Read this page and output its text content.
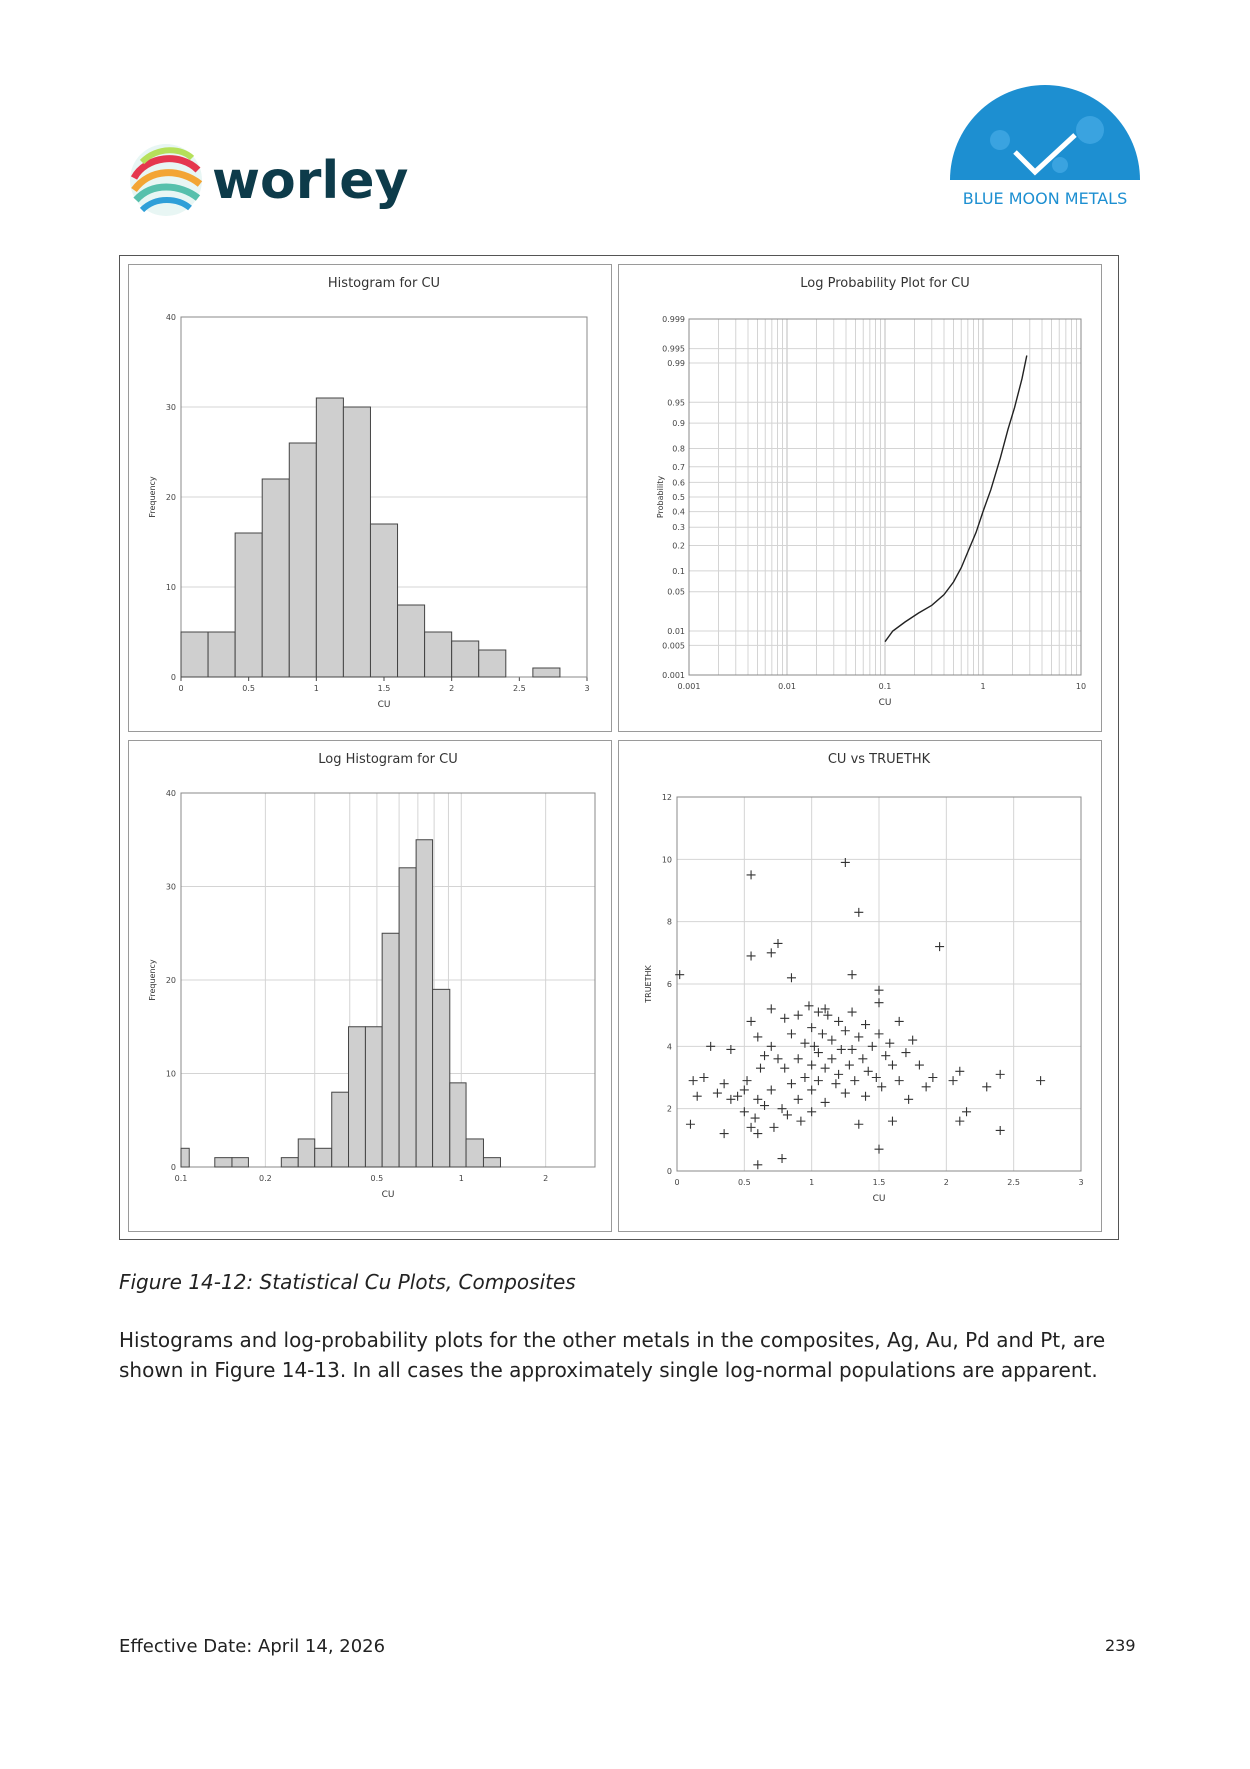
worley	BLUE MOON METALS
0
10
20
30
40
0	0.5	1	1.5	2	2.5	3
Histogram for CU
CU
Frequency
0.001
0.005
0.01
0.05
0.1
0.2
0.3
0.4
0.5
0.6
0.7
0.8
0.9
0.95
0.99
0.995
0.999
0.001	0.01	0.1	1	10
Log Probability Plot for CU
CU
Probability
0
10
20
30
40
0.1	0.2	0.5	1	2
Log Histogram for CU
CU
Frequency
0	0.5	1	1.5	2	2.5	3
0
2
4
6
8
10
12
CU vs TRUETHK
CU
TRUETHK

Figure 14-12: Statistical Cu Plots, Composites

Histograms and log-probability plots for the other metals in the composites, Ag, Au, Pd and Pt, are shown in Figure 14-13. In all cases the approximately single log-normal populations are apparent.

Effective Date: April 14, 2026	239
